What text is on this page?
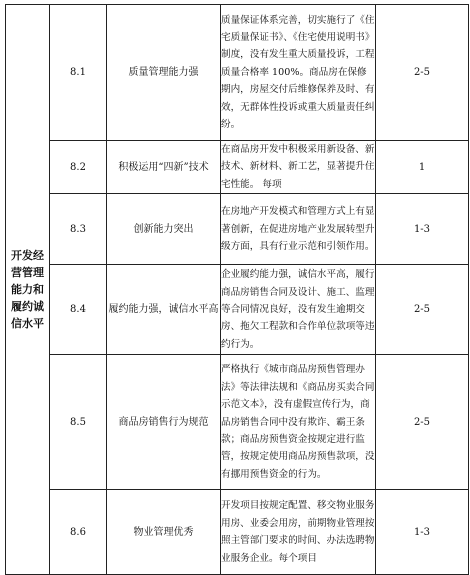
开发经营管理能力和履约诚信水平	8.1	质量管理能力强	质量保证体系完善，切实施行了《住宅质量保证书》、《住宅使用说明书》制度，没有发生重大质量投诉，工程质量合格率 100%。商品房在保修期内，房屋交付后维修保养及时、有效，无群体性投诉或重大质量责任纠纷。	2-5
	8.2	积极运用“四新”技术	在商品房开发中积极采用新设备、新技术、新材料、新工艺，显著提升住宅性能。 每项	1
	8.3	创新能力突出	在房地产开发模式和管理方式上有显著创新，在促进房地产业发展转型升级方面，具有行业示范和引领作用。	1-3
	8.4	履约能力强，诚信水平高	企业履约能力强，诚信水平高，履行商品房销售合同及设计、施工、监理等合同情况良好，没有发生逾期交房、拖欠工程款和合作单位款项等违约行为。	2-5
	8.5	商品房销售行为规范	严格执行《城市商品房预售管理办法》等法律法规和《商品房买卖合同示范文本》，没有虚假宣传行为，商品房销售合同中没有欺诈、霸王条款；商品房预售资金按规定进行监管，按规定使用商品房预售款项，没有挪用预售资金的行为。	2-5
	8.6	物业管理优秀	开发项目按规定配置、移交物业服务用房、业委会用房，前期物业管理按照主管部门要求的时间、办法选聘物业服务企业。每个项目	1-3
